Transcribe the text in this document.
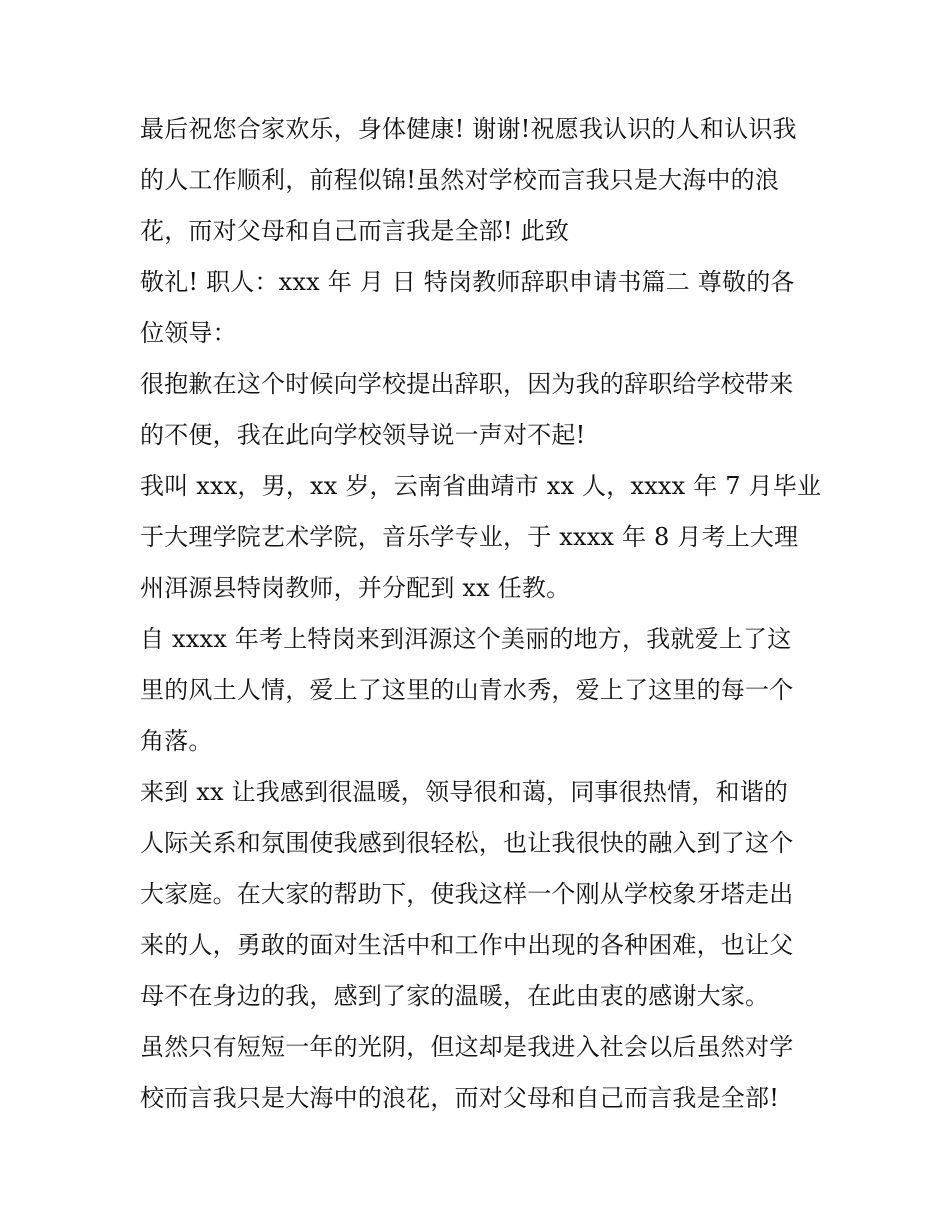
最后祝您合家欢乐，身体健康! 谢谢!祝愿我认识的人和认识我
的人工作顺利，前程似锦!虽然对学校而言我只是大海中的浪
花，而对父母和自己而言我是全部! 此致
敬礼! 职人：xxx 年 月 日 特岗教师辞职申请书篇二 尊敬的各
位领导：
很抱歉在这个时候向学校提出辞职，因为我的辞职给学校带来
的不便，我在此向学校领导说一声对不起!
我叫 xxx，男，xx 岁，云南省曲靖市 xx 人，xxxx 年 7 月毕业
于大理学院艺术学院，音乐学专业，于 xxxx 年 8 月考上大理
州洱源县特岗教师，并分配到 xx 任教。
自 xxxx 年考上特岗来到洱源这个美丽的地方，我就爱上了这
里的风土人情，爱上了这里的山青水秀，爱上了这里的每一个
角落。
来到 xx 让我感到很温暖，领导很和蔼，同事很热情，和谐的
人际关系和氛围使我感到很轻松，也让我很快的融入到了这个
大家庭。在大家的帮助下，使我这样一个刚从学校象牙塔走出
来的人，勇敢的面对生活中和工作中出现的各种困难，也让父
母不在身边的我，感到了家的温暖，在此由衷的感谢大家。
虽然只有短短一年的光阴，但这却是我进入社会以后虽然对学
校而言我只是大海中的浪花，而对父母和自己而言我是全部!
